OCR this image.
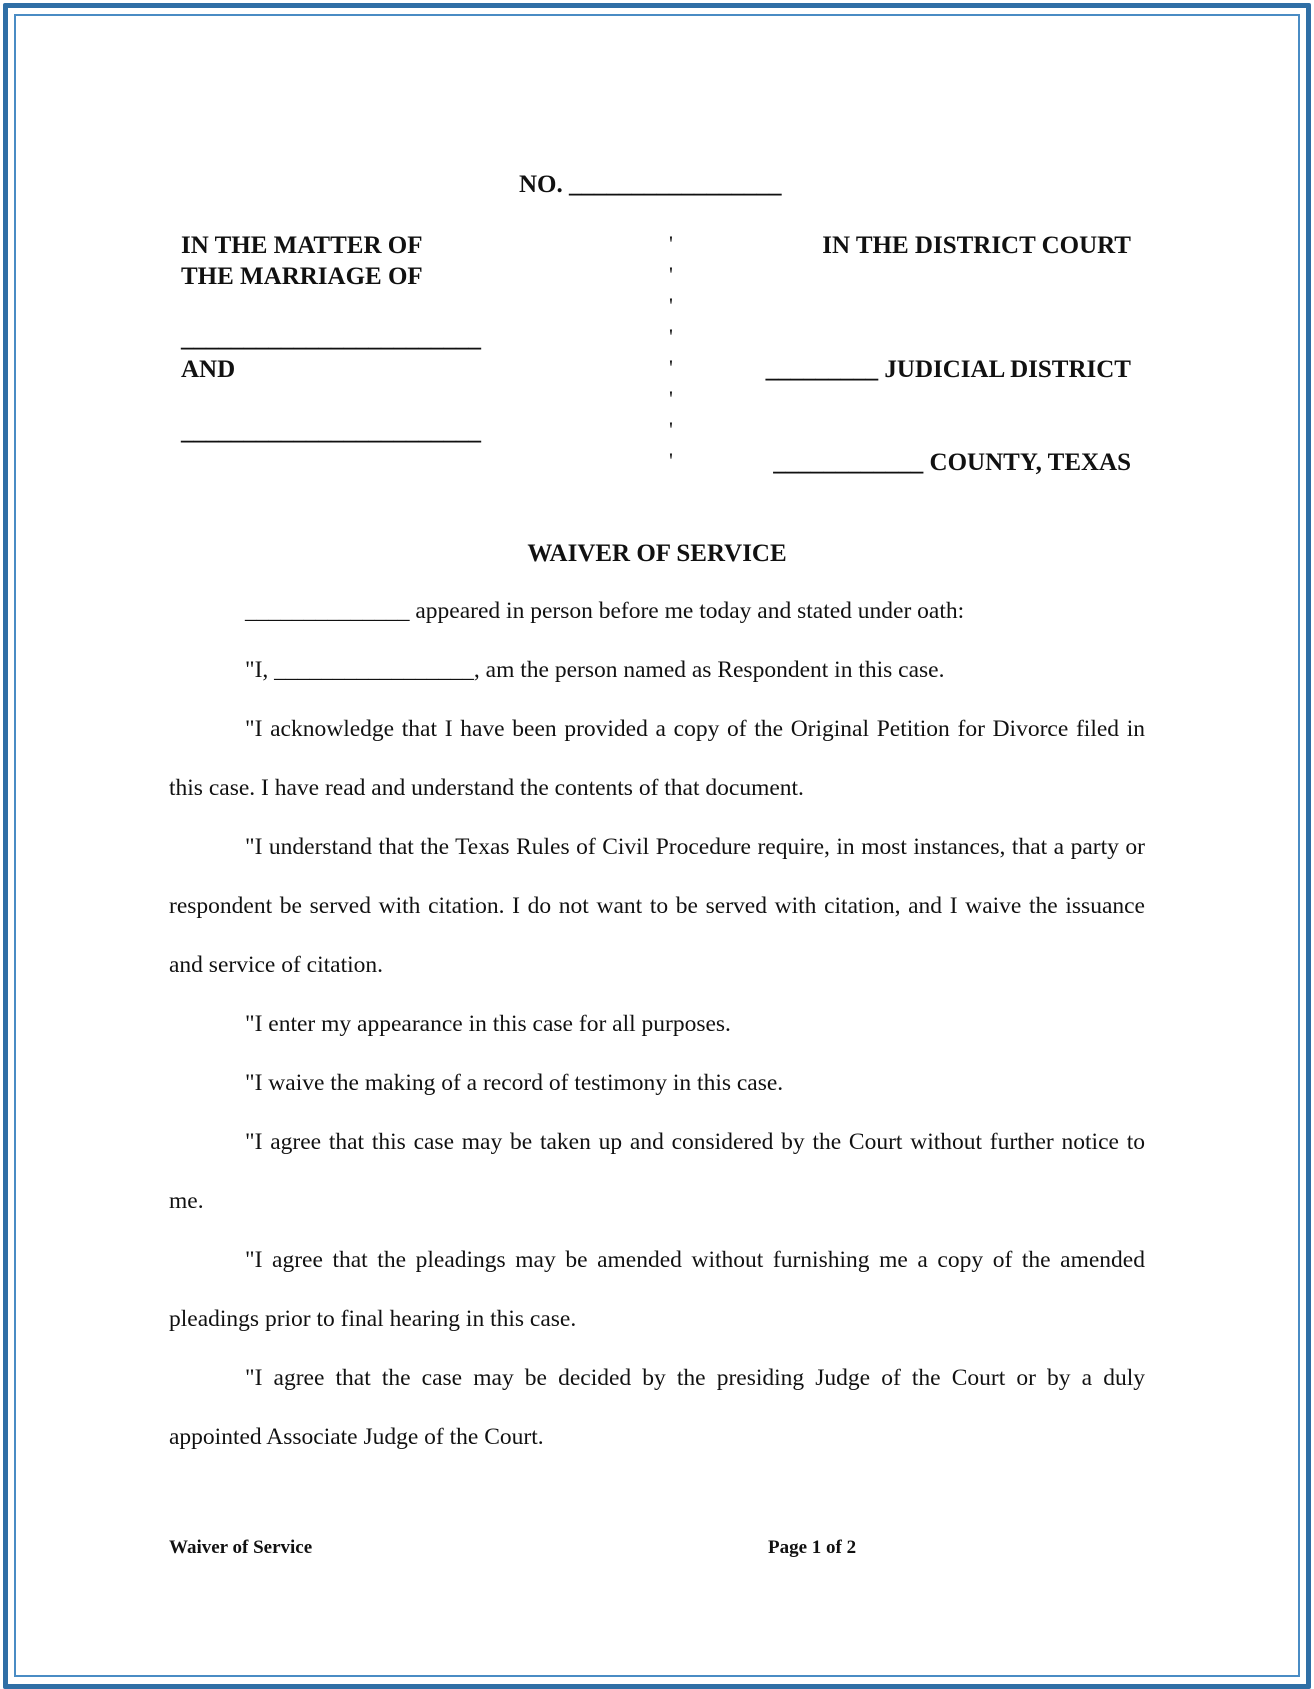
NO. _________________
IN THE MATTER OF
THE MARRIAGE OF
________________________
AND
________________________
'
'
'
'
'
'
'
'
IN THE DISTRICT COURT
_________ JUDICIAL DISTRICT
____________ COUNTY, TEXAS
WAIVER OF SERVICE
______________ appeared in person before me today and stated under oath:
"I, _________________, am the person named as Respondent in this case.
"I acknowledge that I have been provided a copy of the Original Petition for Divorce filed in this case. I have read and understand the contents of that document.
"I understand that the Texas Rules of Civil Procedure require, in most instances, that a party or respondent be served with citation. I do not want to be served with citation, and I waive the issuance and service of citation.
"I enter my appearance in this case for all purposes.
"I waive the making of a record of testimony in this case.
"I agree that this case may be taken up and considered by the Court without further notice to me.
"I agree that the pleadings may be amended without furnishing me a copy of the amended pleadings prior to final hearing in this case.
"I agree that the case may be decided by the presiding Judge of the Court or by a duly appointed Associate Judge of the Court.
Waiver of Service	Page 1 of 2
